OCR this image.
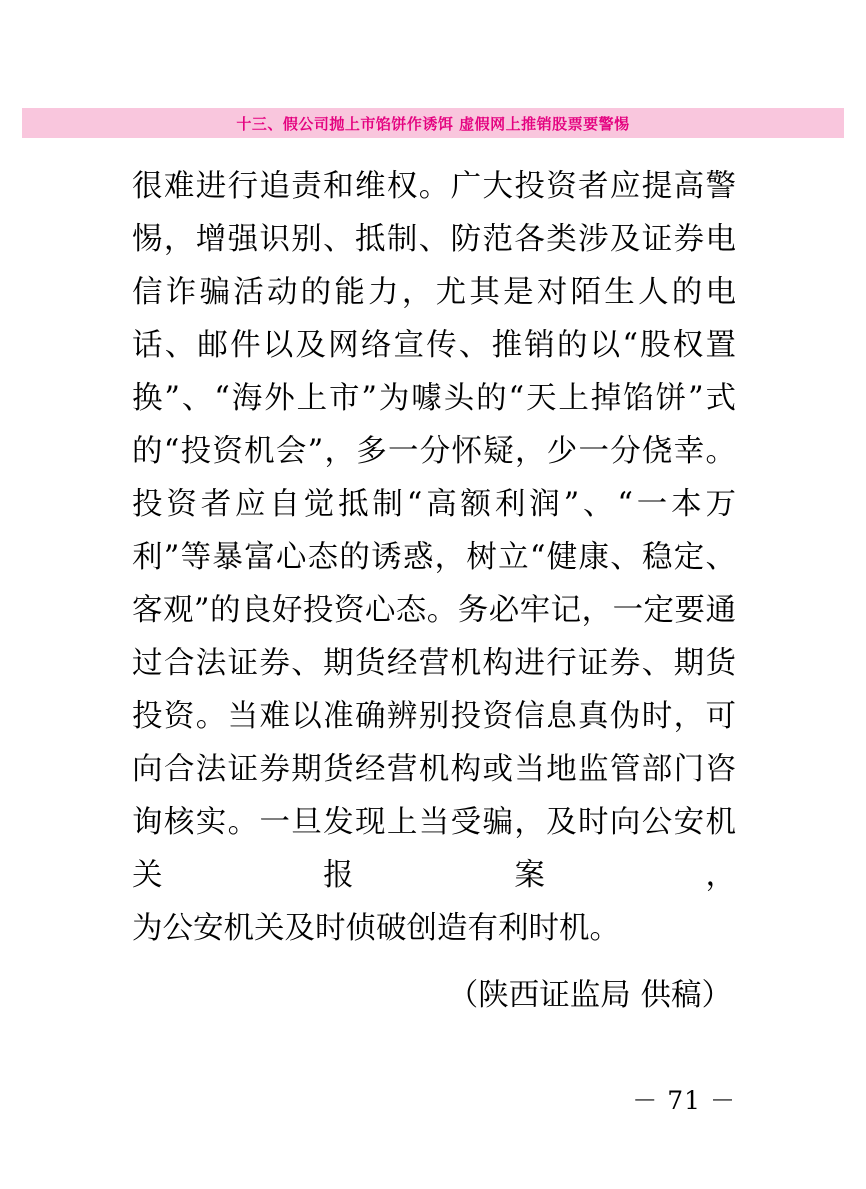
十三、假公司抛上市馅饼作诱饵 虚假网上推销股票要警惕

很难进行追责和维权。广大投资者应提高警惕，增强识别、抵制、防范各类涉及证券电信诈骗活动的能力，尤其是对陌生人的电话、邮件以及网络宣传、推销的以“股权置换”、“海外上市”为噱头的“天上掉馅饼”式的“投资机会”，多一分怀疑，少一分侥幸。投资者应自觉抵制“高额利润”、“一本万利”等暴富心态的诱惑，树立“健康、稳定、客观”的良好投资心态。务必牢记，一定要通过合法证券、期货经营机构进行证券、期货投资。当难以准确辨别投资信息真伪时，可向合法证券期货经营机构或当地监管部门咨询核实。一旦发现上当受骗，及时向公安机关报案，
为公安机关及时侦破创造有利时机。

（陕西证监局 供稿）

－ 71 －
